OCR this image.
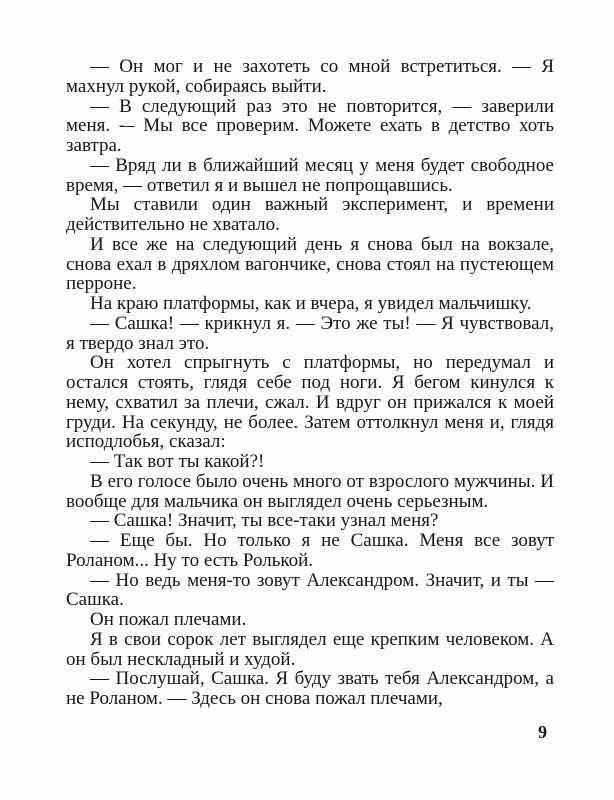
— Он мог и не захотеть со мной встретиться. — Я махнул рукой, собираясь выйти.

— В следующий раз это не повторится, — заверили меня. -– Мы все проверим. Можете ехать в детство хоть завтра.

— Вряд ли в ближайший месяц у меня будет свободное время, — ответил я и вышел не попрощавшись.

Мы ставили один важный эксперимент, и времени действительно не хватало.

И все же на следующий день я снова был на вокзале, снова ехал в дряхлом вагончике, снова стоял на пустеющем перроне.

На краю платформы, как и вчера, я увидел мальчишку.

— Сашка! — крикнул я. — Это же ты! — Я чувствовал, я твердо знал это.

Он хотел спрыгнуть с платформы, но передумал и остался стоять, глядя себе под ноги. Я бегом кинулся к нему, схватил за плечи, сжал. И вдруг он прижался к моей груди. На секунду, не более. Затем оттолкнул меня и, глядя исподлобья, сказал:

— Так вот ты какой?!

В его голосе было очень много от взрослого мужчины. И вообще для мальчика он выглядел очень серьезным.

— Сашка! Значит, ты все-таки узнал меня?

— Еще бы. Но только я не Сашка. Меня все зовут Роланом... Ну то есть Ролькой.

— Но ведь меня-то зовут Александром. Значит, и ты — Сашка.

Он пожал плечами.

Я в свои сорок лет выглядел еще крепким человеком. А он был нескладный и худой.

— Послушай, Сашка. Я буду звать тебя Александром, а не Роланом. — Здесь он снова пожал плечами,

9
